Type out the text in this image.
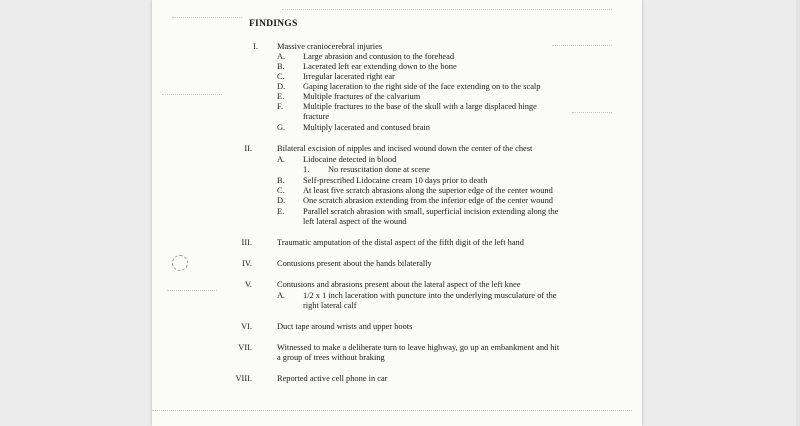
FINDINGS
I. Massive craniocerebral injuries
A. Large abrasion and contusion to the forehead
B. Lacerated left ear extending down to the bone
C. Irregular lacerated right ear
D. Gaping laceration to the right side of the face extending on to the scalp
E. Multiple fractures of the calvarium
F. Multiple fractures to the base of the skull with a large displaced hinge
fracture
G. Multiply lacerated and contused brain
II.	Bilateral excision of nipples and incised wound down the center of the chest
A. Lidocaine detected in blood
1. No resuscitation done at scene
B. Self-prescribed Lidocaine cream 10 days prior to death
C. At least five scratch abrasions along the superior edge of the center wound
D. One scratch abrasion extending from the inferior edge of the center wound
E. Parallel scratch abrasion with small, superficial incision extending along the
left lateral aspect of the wound
III.	Traumatic amputation of the distal aspect of the fifth digit of the left hand
IV.	Contusions present about the hands bilaterally
V.	Contusions and abrasions present about the lateral aspect of the left knee
A. 1/2 x 1 inch laceration with puncture into the underlying musculature of the
right lateral calf
VI.	Duct tape around wrists and upper boots
VII.	Witnessed to make a deliberate turn to leave highway, go up an embankment and hit
a group of trees without braking
VIII.	Reported active cell phone in car
